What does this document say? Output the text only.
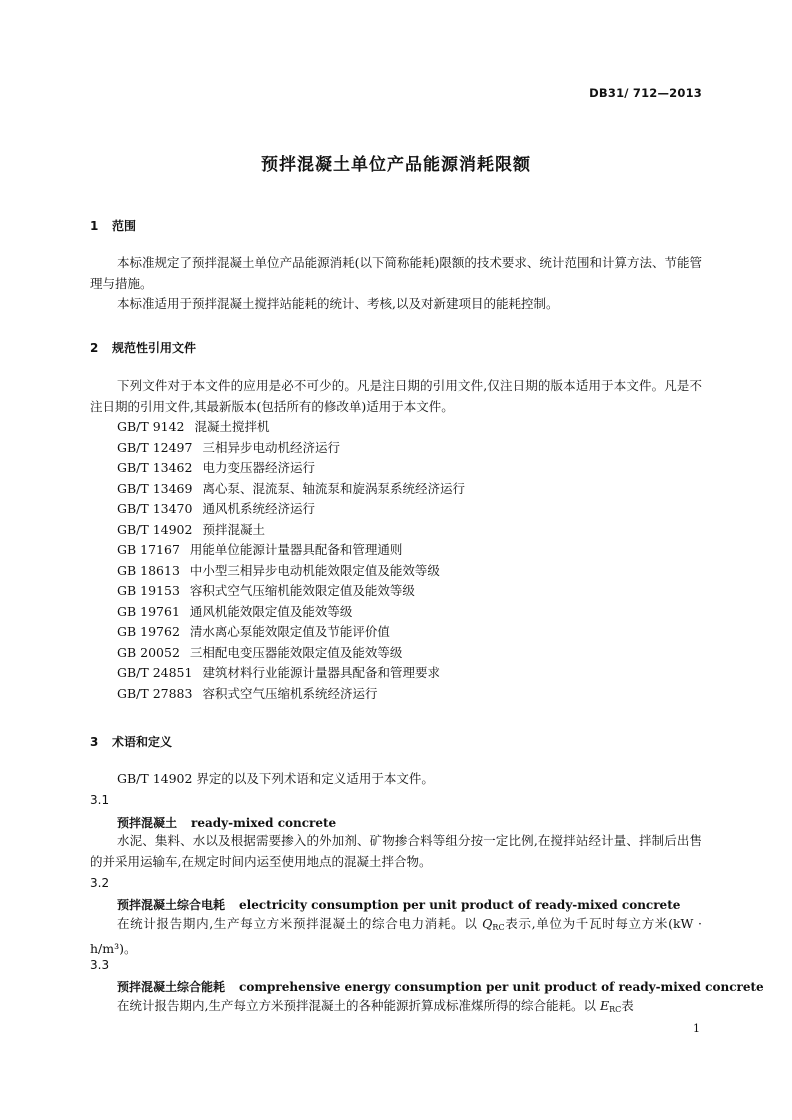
DB31/ 712—2013
预拌混凝土单位产品能源消耗限额
1 范围

本标准规定了预拌混凝土单位产品能源消耗(以下简称能耗)限额的技术要求、统计范围和计算方法、节能管理与措施。

本标准适用于预拌混凝土搅拌站能耗的统计、考核,以及对新建项目的能耗控制。

2 规范性引用文件

下列文件对于本文件的应用是必不可少的。凡是注日期的引用文件,仅注日期的版本适用于本文件。凡是不注日期的引用文件,其最新版本(包括所有的修改单)适用于本文件。

GB/T 9142 混凝土搅拌机
GB/T 12497 三相异步电动机经济运行
GB/T 13462 电力变压器经济运行
GB/T 13469 离心泵、混流泵、轴流泵和旋涡泵系统经济运行
GB/T 13470 通风机系统经济运行
GB/T 14902 预拌混凝土
GB 17167 用能单位能源计量器具配备和管理通则
GB 18613 中小型三相异步电动机能效限定值及能效等级
GB 19153 容积式空气压缩机能效限定值及能效等级
GB 19761 通风机能效限定值及能效等级
GB 19762 清水离心泵能效限定值及节能评价值
GB 20052 三相配电变压器能效限定值及能效等级
GB/T 24851 建筑材料行业能源计量器具配备和管理要求
GB/T 27883 容积式空气压缩机系统经济运行
3 术语和定义
GB/T 14902 界定的以及下列术语和定义适用于本文件。
3.1
预拌混凝土 ready-mixed concrete

水泥、集料、水以及根据需要掺入的外加剂、矿物掺合料等组分按一定比例,在搅拌站经计量、拌制后出售的并采用运输车,在规定时间内运至使用地点的混凝土拌合物。

3.2
预拌混凝土综合电耗 electricity consumption per unit product of ready-mixed concrete

在统计报告期内,生产每立方米预拌混凝土的综合电力消耗。以 $Q_{RC}$表示,单位为千瓦时每立方米(kW · h/m³)。

3.3
预拌混凝土综合能耗 comprehensive energy consumption per unit product of ready-mixed concrete

在统计报告期内,生产每立方米预拌混凝土的各种能源折算成标准煤所得的综合能耗。以 $E_{RC}$表

1
